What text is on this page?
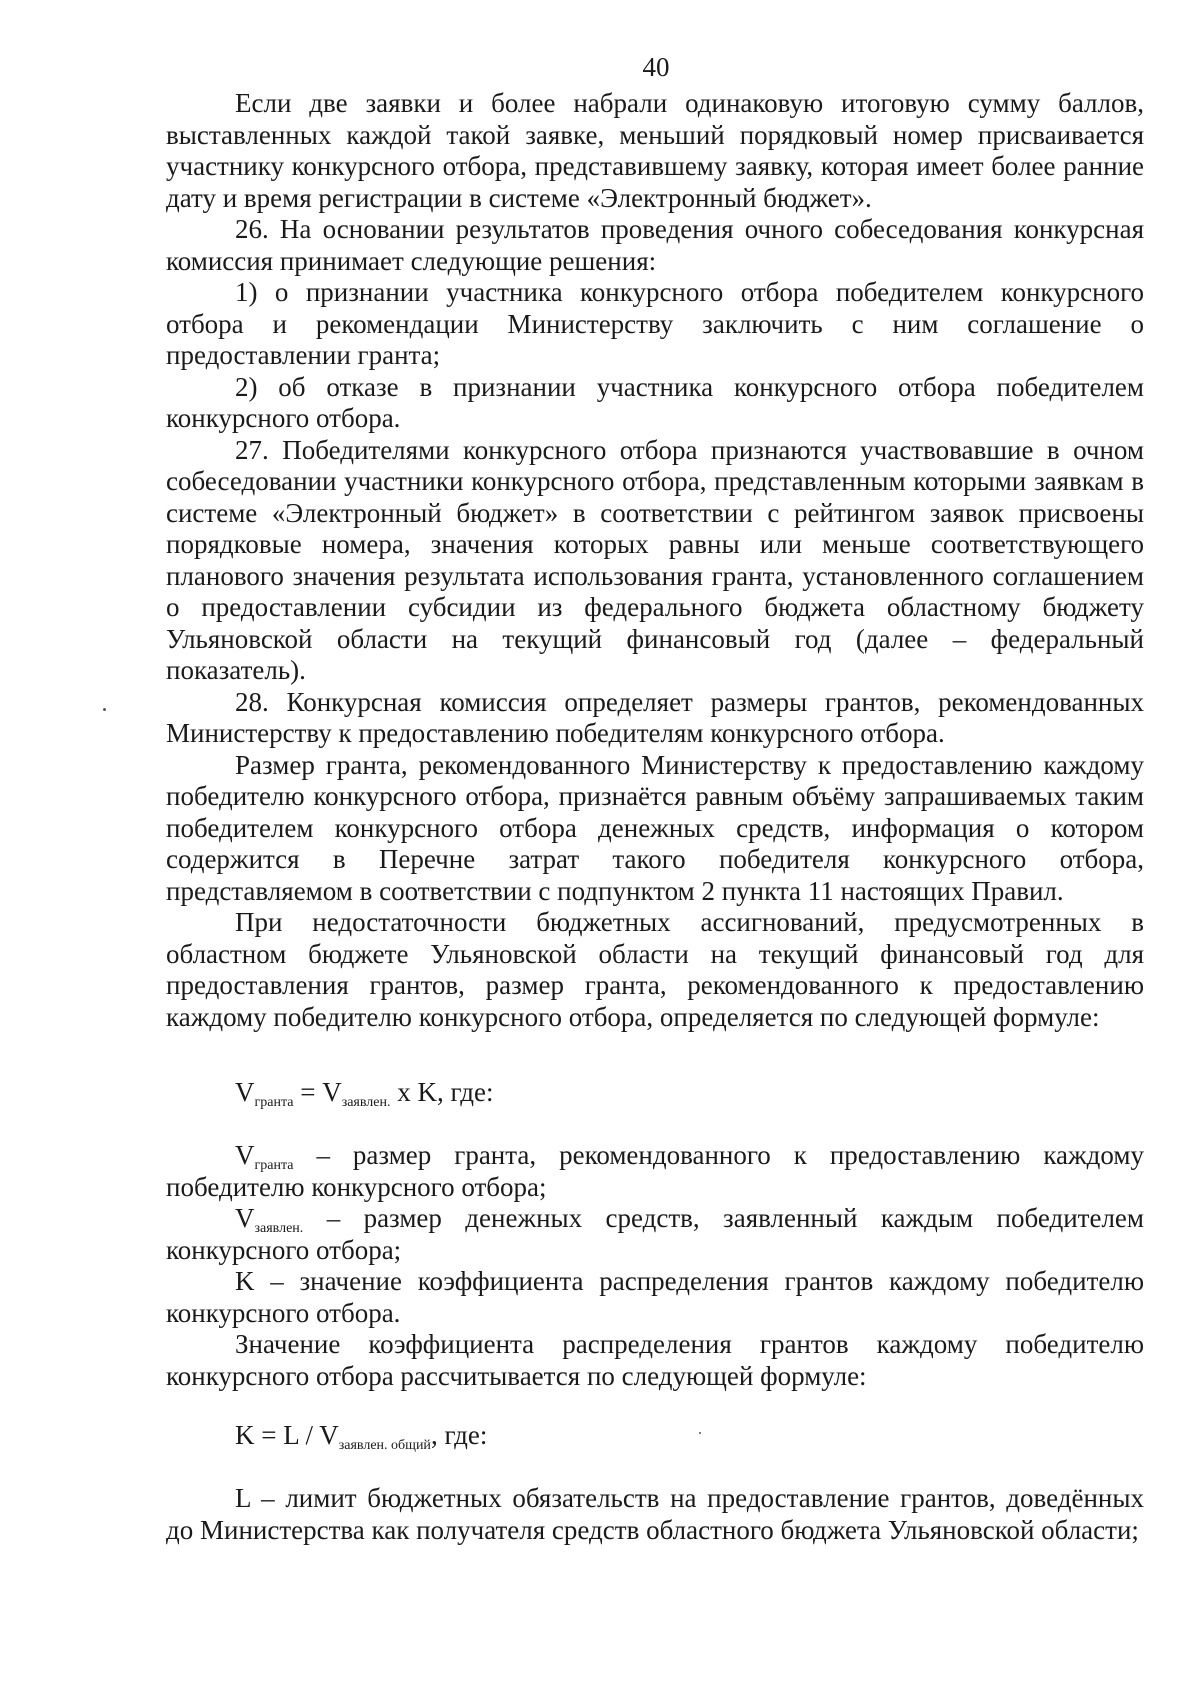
40

Если две заявки и более набрали одинаковую итоговую сумму баллов, выставленных каждой такой заявке, меньший порядковый номер присваивается участнику конкурсного отбора, представившему заявку, которая имеет более ранние дату и время регистрации в системе «Электронный бюджет».

26. На основании результатов проведения очного собеседования конкурсная комиссия принимает следующие решения:

1) о признании участника конкурсного отбора победителем конкурсного отбора и рекомендации Министерству заключить с ним соглашение о предоставлении гранта;

2) об отказе в признании участника конкурсного отбора победителем конкурсного отбора.

27. Победителями конкурсного отбора признаются участвовавшие в очном собеседовании участники конкурсного отбора, представленным которыми заявкам в системе «Электронный бюджет» в соответствии с рейтингом заявок присвоены порядковые номера, значения которых равны или меньше соответствующего планового значения результата использования гранта, установленного соглашением о предоставлении субсидии из федерального бюджета областному бюджету Ульяновской области на текущий финансовый год (далее – федеральный показатель).

28. Конкурсная комиссия определяет размеры грантов, рекомендованных Министерству к предоставлению победителям конкурсного отбора.

Размер гранта, рекомендованного Министерству к предоставлению каждому победителю конкурсного отбора, признаётся равным объёму запрашиваемых таким победителем конкурсного отбора денежных средств, информация о котором содержится в Перечне затрат такого победителя конкурсного отбора, представляемом в соответствии с подпунктом 2 пункта 11 настоящих Правил.

При недостаточности бюджетных ассигнований, предусмотренных в областном бюджете Ульяновской области на текущий финансовый год для предоставления грантов, размер гранта, рекомендованного к предоставлению каждому победителю конкурсного отбора, определяется по следующей формуле:

$V_{гранта} = V_{заявлен.}$ х K, где:

$V_{гранта}$ – размер гранта, рекомендованного к предоставлению каждому победителю конкурсного отбора;

$V_{заявлен.}$ – размер денежных средств, заявленный каждым победителем конкурсного отбора;

K – значение коэффициента распределения грантов каждому победителю конкурсного отбора.

Значение коэффициента распределения грантов каждому победителю конкурсного отбора рассчитывается по следующей формуле:

$K = L / V_{заявлен. общий}$, где:

L – лимит бюджетных обязательств на предоставление грантов, доведённых до Министерства как получателя средств областного бюджета Ульяновской области;
